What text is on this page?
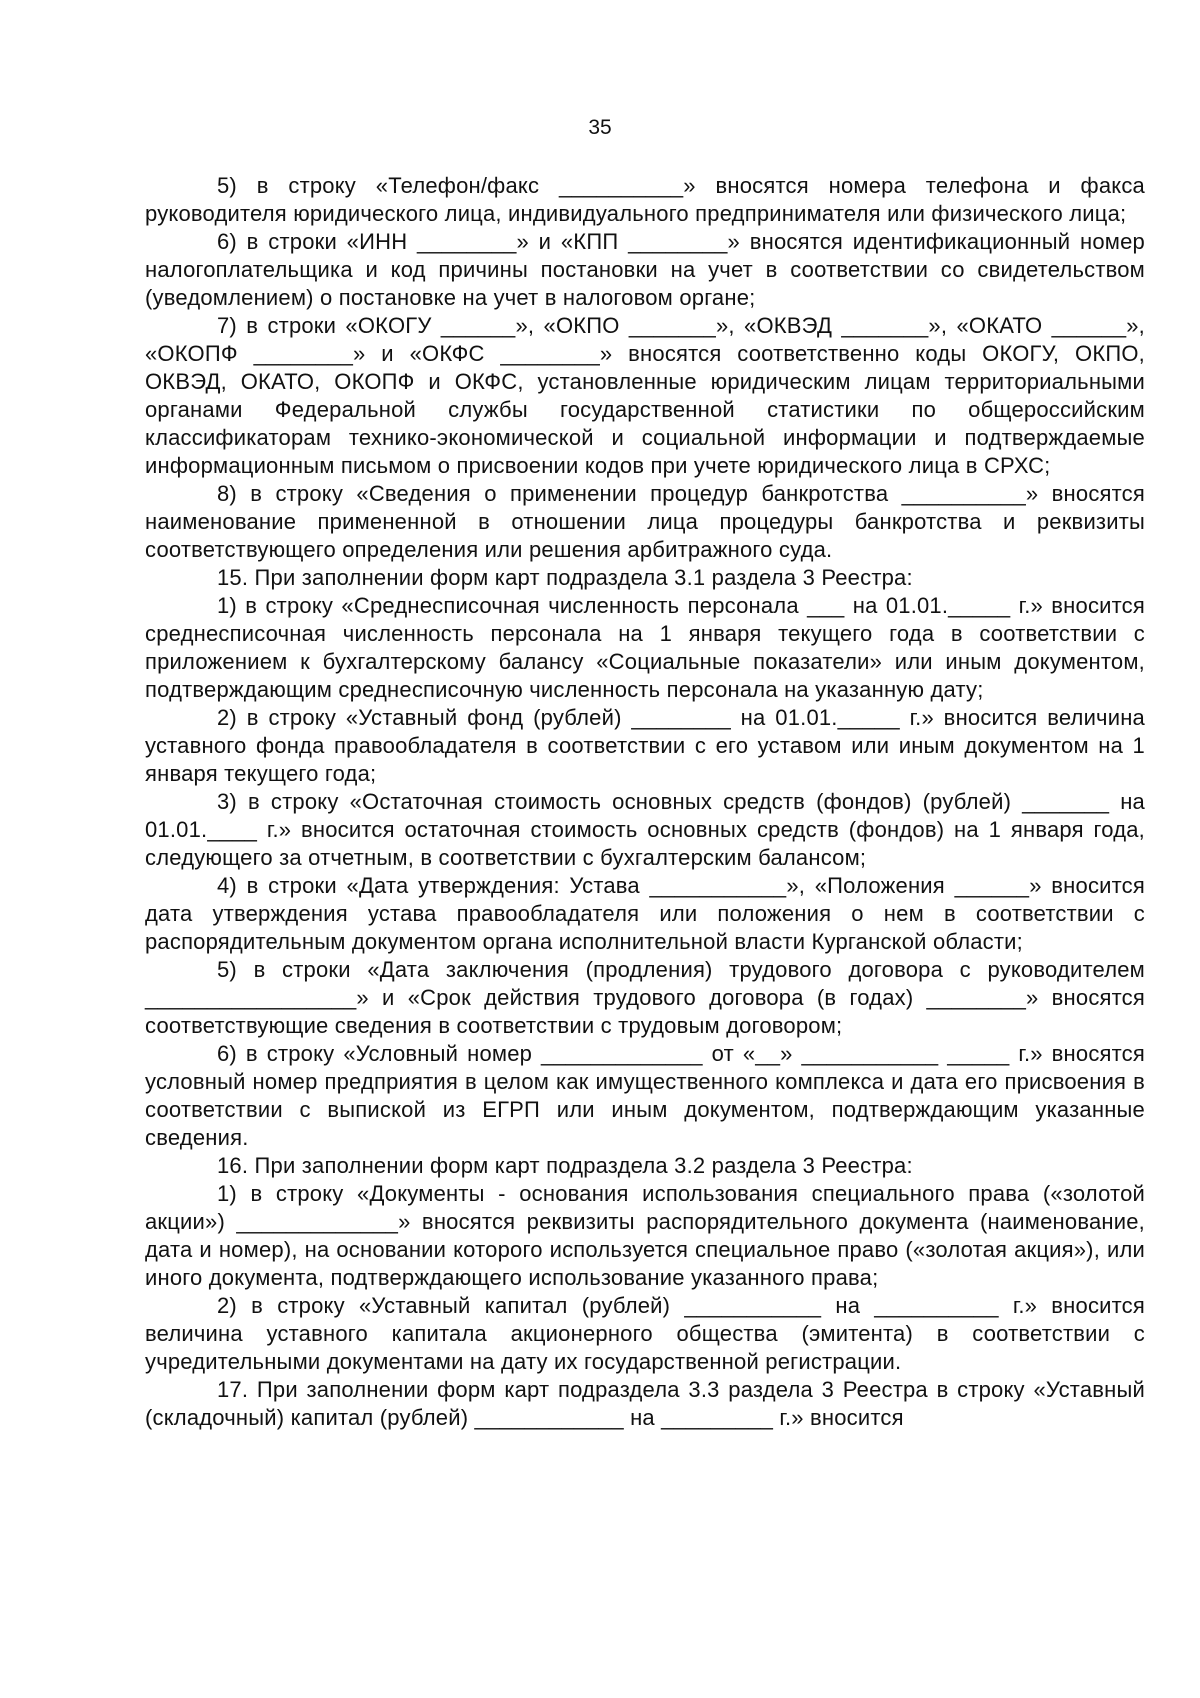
35

5) в строку «Телефон/факс __________» вносятся номера телефона и факса руководителя юридического лица, индивидуального предпринимателя или физического лица;

6) в строки «ИНН ________» и «КПП ________» вносятся идентификационный номер налогоплательщика и код причины постановки на учет в соответствии со свидетельством (уведомлением) о постановке на учет в налоговом органе;

7) в строки «ОКОГУ ______», «ОКПО _______», «ОКВЭД _______», «ОКАТО ______», «ОКОПФ ________» и «ОКФС ________» вносятся соответственно коды ОКОГУ, ОКПО, ОКВЭД, ОКАТО, ОКОПФ и ОКФС, установленные юридическим лицам территориальными органами Федеральной службы государственной статистики по общероссийским классификаторам технико-экономической и социальной информации и подтверждаемые информационным письмом о присвоении кодов при учете юридического лица в СРХС;

8) в строку «Сведения о применении процедур банкротства __________» вносятся наименование примененной в отношении лица процедуры банкротства и реквизиты соответствующего определения или решения арбитражного суда.

15. При заполнении форм карт подраздела 3.1 раздела 3 Реестра:

1) в строку «Среднесписочная численность персонала ___ на 01.01._____ г.» вносится среднесписочная численность персонала на 1 января текущего года в соответствии с приложением к бухгалтерскому балансу «Социальные показатели» или иным документом, подтверждающим среднесписочную численность персонала на указанную дату;

2) в строку «Уставный фонд (рублей) ________ на 01.01._____ г.» вносится величина уставного фонда правообладателя в соответствии с его уставом или иным документом на 1 января текущего года;

3) в строку «Остаточная стоимость основных средств (фондов) (рублей) _______ на 01.01.____ г.» вносится остаточная стоимость основных средств (фондов) на 1 января года, следующего за отчетным, в соответствии с бухгалтерским балансом;

4) в строки «Дата утверждения: Устава ___________», «Положения ______» вносится дата утверждения устава правообладателя или положения о нем в соответствии с распорядительным документом органа исполнительной власти Курганской области;

5) в строки «Дата заключения (продления) трудового договора с руководителем _________________» и «Срок действия трудового договора (в годах) ________» вносятся соответствующие сведения в соответствии с трудовым договором;

6) в строку «Условный номер _____________ от «__» ___________ _____ г.» вносятся условный номер предприятия в целом как имущественного комплекса и дата его присвоения в соответствии с выпиской из ЕГРП или иным документом, подтверждающим указанные сведения.

16. При заполнении форм карт подраздела 3.2 раздела 3 Реестра:

1) в строку «Документы - основания использования специального права («золотой акции») _____________» вносятся реквизиты распорядительного документа (наименование, дата и номер), на основании которого используется специальное право («золотая акция»), или иного документа, подтверждающего использование указанного права;

2) в строку «Уставный капитал (рублей) ___________ на __________ г.» вносится величина уставного капитала акционерного общества (эмитента) в соответствии с учредительными документами на дату их государственной регистрации.

17. При заполнении форм карт подраздела 3.3 раздела 3 Реестра в строку «Уставный (складочный) капитал (рублей) ____________ на _________ г.» вносится
